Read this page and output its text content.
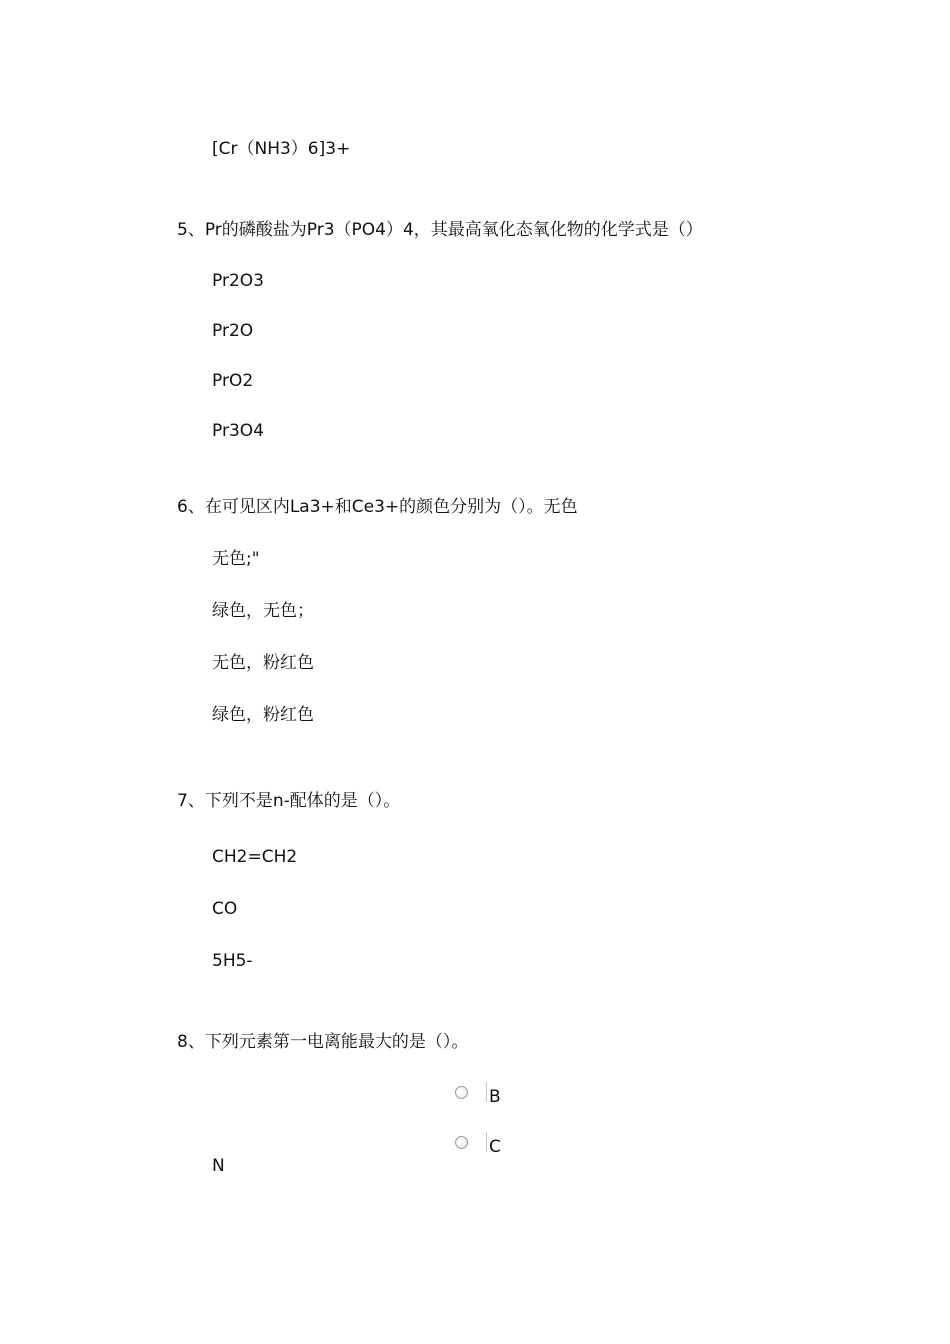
[Cr（NH3）6]3+
5、Pr的磷酸盐为Pr3（PO4）4，其最高氧化态氧化物的化学式是（）
Pr2O3
Pr2O
PrO2
Pr3O4
6、在可见区内La3+和Ce3+的颜色分别为（）。无色
无色;"
绿色，无色；
无色，粉红色
绿色，粉红色
7、下列不是n-配体的是（）。
CH2=CH2
CO
5H5-
8、下列元素第一电离能最大的是（）。
B
C
N
